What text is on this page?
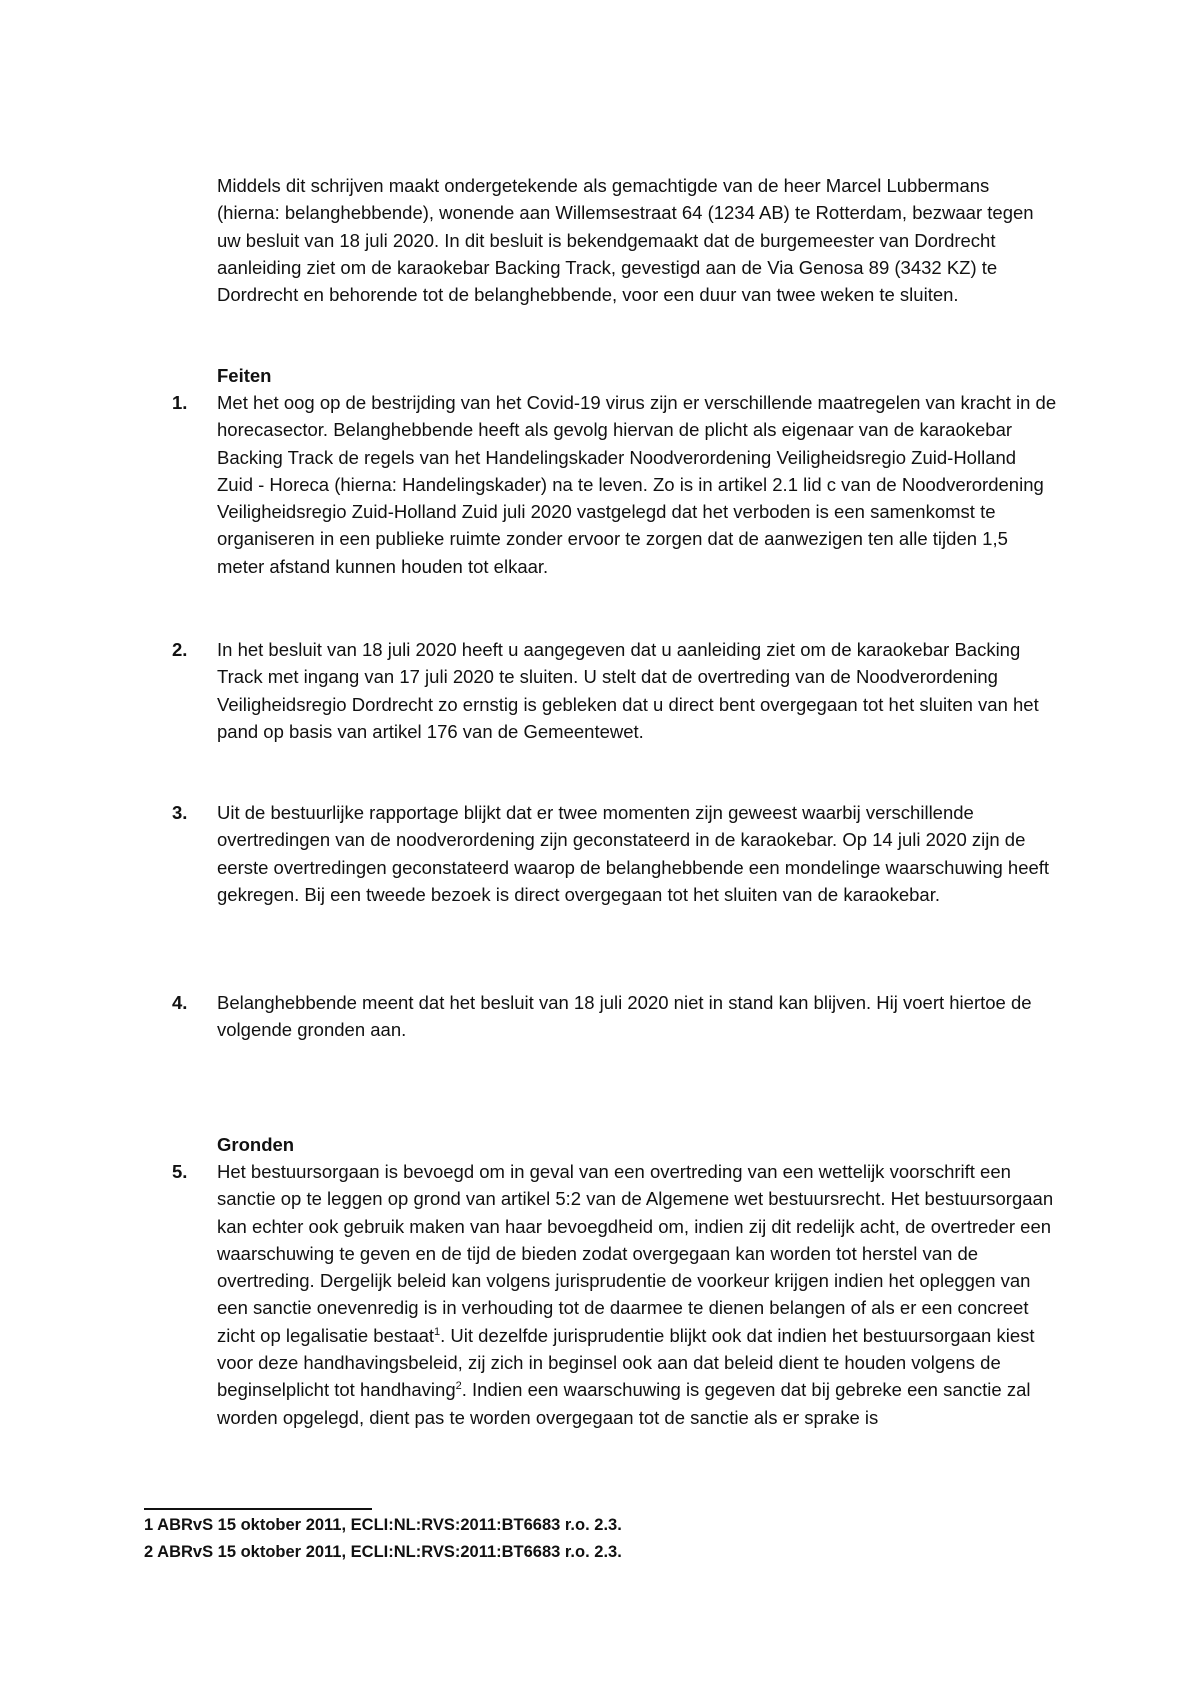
Middels dit schrijven maakt ondergetekende als gemachtigde van de heer Marcel Lubbermans (hierna: belanghebbende), wonende aan Willemsestraat 64 (1234 AB) te Rotterdam, bezwaar tegen uw besluit van 18 juli 2020. In dit besluit is bekendgemaakt dat de burgemeester van Dordrecht aanleiding ziet om de karaokebar Backing Track, gevestigd aan de Via Genosa 89 (3432 KZ) te Dordrecht en behorende tot de belanghebbende, voor een duur van twee weken te sluiten.

Feiten
1.	Met het oog op de bestrijding van het Covid-19 virus zijn er verschillende maatregelen van kracht in de horecasector. Belanghebbende heeft als gevolg hiervan de plicht als eigenaar van de karaokebar Backing Track de regels van het Handelingskader Noodverordening Veiligheidsregio Zuid-Holland Zuid - Horeca (hierna: Handelingskader) na te leven. Zo is in artikel 2.1 lid c van de Noodverordening Veiligheidsregio Zuid-Holland Zuid juli 2020 vastgelegd dat het verboden is een samenkomst te organiseren in een publieke ruimte zonder ervoor te zorgen dat de aanwezigen ten alle tijden 1,5 meter afstand kunnen houden tot elkaar.
2.	In het besluit van 18 juli 2020 heeft u aangegeven dat u aanleiding ziet om de karaokebar Backing Track met ingang van 17 juli 2020 te sluiten. U stelt dat de overtreding van de Noodverordening Veiligheidsregio Dordrecht zo ernstig is gebleken dat u direct bent overgegaan tot het sluiten van het pand op basis van artikel 176 van de Gemeentewet.
3.	Uit de bestuurlijke rapportage blijkt dat er twee momenten zijn geweest waarbij verschillende overtredingen van de noodverordening zijn geconstateerd in de karaokebar. Op 14 juli 2020 zijn de eerste overtredingen geconstateerd waarop de belanghebbende een mondelinge waarschuwing heeft gekregen. Bij een tweede bezoek is direct overgegaan tot het sluiten van de karaokebar.
4.	Belanghebbende meent dat het besluit van 18 juli 2020 niet in stand kan blijven. Hij voert hiertoe de volgende gronden aan.
Gronden
5.	Het bestuursorgaan is bevoegd om in geval van een overtreding van een wettelijk voorschrift een sanctie op te leggen op grond van artikel 5:2 van de Algemene wet bestuursrecht. Het bestuursorgaan kan echter ook gebruik maken van haar bevoegdheid om, indien zij dit redelijk acht, de overtreder een waarschuwing te geven en de tijd de bieden zodat overgegaan kan worden tot herstel van de overtreding. Dergelijk beleid kan volgens jurisprudentie de voorkeur krijgen indien het opleggen van een sanctie onevenredig is in verhouding tot de daarmee te dienen belangen of als er een concreet zicht op legalisatie bestaat$^1$. Uit dezelfde jurisprudentie blijkt ook dat indien het bestuursorgaan kiest voor deze handhavingsbeleid, zij zich in beginsel ook aan dat beleid dient te houden volgens de beginselplicht tot handhaving$^2$. Indien een waarschuwing is gegeven dat bij gebreke een sanctie zal worden opgelegd, dient pas te worden overgegaan tot de sanctie als er sprake is
1 ABRvS 15 oktober 2011, ECLI:NL:RVS:2011:BT6683 r.o. 2.3.
2 ABRvS 15 oktober 2011, ECLI:NL:RVS:2011:BT6683 r.o. 2.3.
